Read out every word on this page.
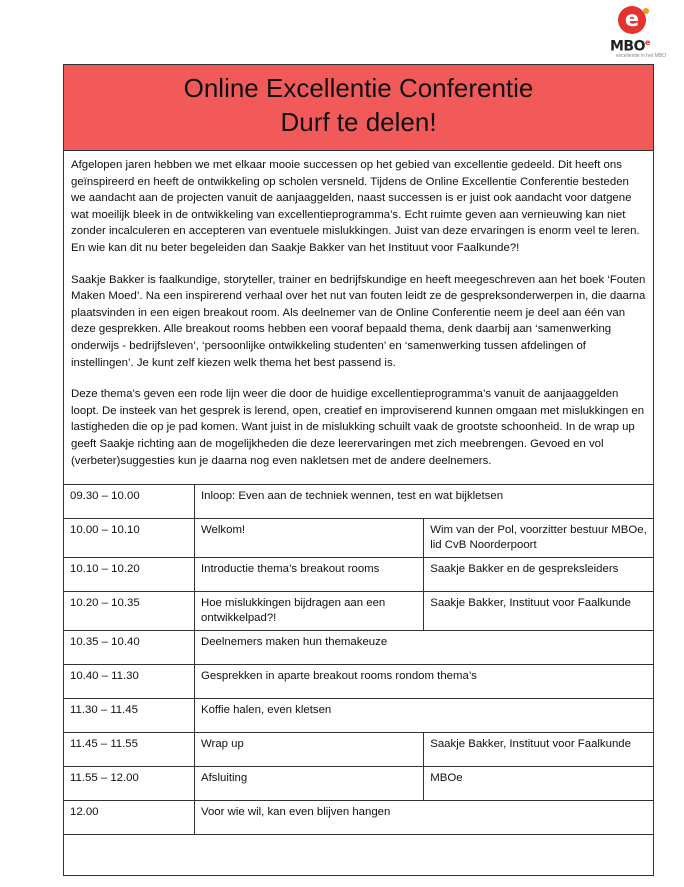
e
MBO$^e$
excellentie in het MBO
Online Excellentie Conferentie
Durf te delen!

Afgelopen jaren hebben we met elkaar mooie successen op het gebied van excellentie gedeeld. Dit heeft ons geïnspireerd en heeft de ontwikkeling op scholen versneld. Tijdens de Online Excellentie Conferentie besteden we aandacht aan de projecten vanuit de aanjaaggelden, naast successen is er juist ook aandacht voor datgene wat moeilijk bleek in de ontwikkeling van excellentieprogramma’s. Echt ruimte geven aan vernieuwing kan niet zonder incalculeren en accepteren van eventuele mislukkingen. Juist van deze ervaringen is enorm veel te leren. En wie kan dit nu beter begeleiden dan Saakje Bakker van het Instituut voor Faalkunde?!

Saakje Bakker is faalkundige, storyteller, trainer en bedrijfskundige en heeft meegeschreven aan het boek ‘Fouten Maken Moed’. Na een inspirerend verhaal over het nut van fouten leidt ze de gespreksonderwerpen in, die daarna plaatsvinden in een eigen breakout room. Als deelnemer van de Online Conferentie neem je deel aan één van deze gesprekken. Alle breakout rooms hebben een vooraf bepaald thema, denk daarbij aan ‘samenwerking onderwijs - bedrijfsleven’, ‘persoonlijke ontwikkeling studenten’ en ‘samenwerking tussen afdelingen of instellingen’. Je kunt zelf kiezen welk thema het best passend is.

Deze thema’s geven een rode lijn weer die door de huidige excellentieprogramma’s vanuit de aanjaaggelden loopt. De insteek van het gesprek is lerend, open, creatief en improviserend kunnen omgaan met mislukkingen en lastigheden die op je pad komen. Want juist in de mislukking schuilt vaak de grootste schoonheid. In de wrap up geeft Saakje richting aan de mogelijkheden die deze leerervaringen met zich meebrengen. Gevoed en vol (verbeter)suggesties kun je daarna nog even nakletsen met de andere deelnemers.

09.30 – 10.00	Inloop: Even aan de techniek wennen, test en wat bijkletsen	
10.00 – 10.10	Welkom!	Wim van der Pol, voorzitter bestuur MBOe, lid CvB Noorderpoort
10.10 – 10.20	Introductie thema’s breakout rooms	Saakje Bakker en de gespreksleiders
10.20 – 10.35	Hoe mislukkingen bijdragen aan een ontwikkelpad?!	Saakje Bakker, Instituut voor Faalkunde
10.35 – 10.40	Deelnemers maken hun themakeuze	
10.40 – 11.30	Gesprekken in aparte breakout rooms rondom thema’s	
11.30 – 11.45	Koffie halen, even kletsen	
11.45 – 11.55	Wrap up	Saakje Bakker, Instituut voor Faalkunde
11.55 – 12.00	Afsluiting	MBOe
12.00	Voor wie wil, kan even blijven hangen	
